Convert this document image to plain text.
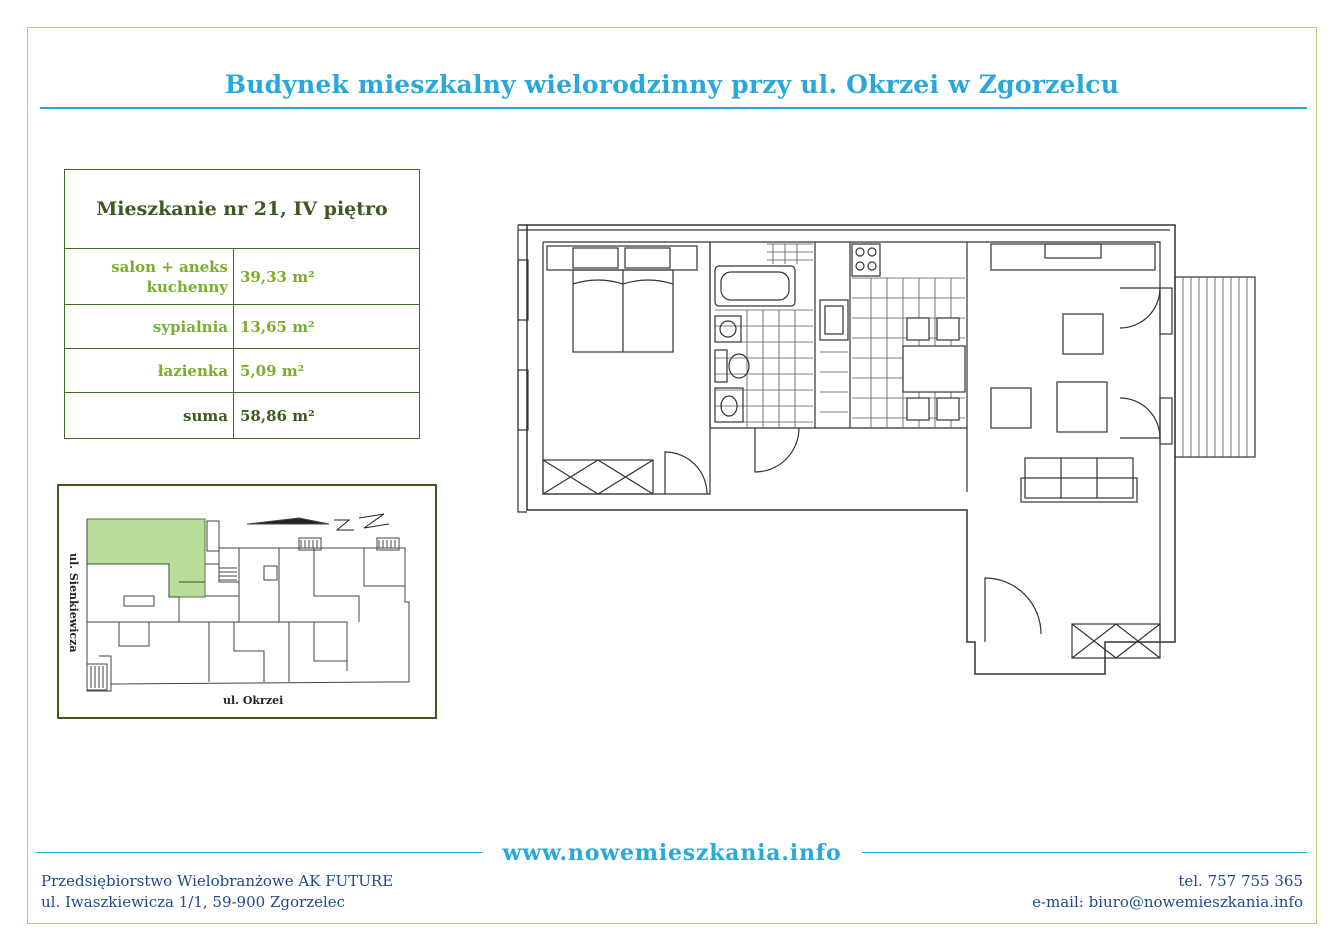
Budynek mieszkalny wielorodzinny przy ul. Okrzei w Zgorzelcu
Mieszkanie nr 21, IV piętro	
salon + aneks kuchenny	39,33 m²
sypialnia	13,65 m²
łazienka	5,09 m²
suma	58,86 m²
ul. Sienkiewicza
ul. Okrzei
www.nowemieszkania.info
Przedsiębiorstwo Wielobranżowe AK FUTURE
ul. Iwaszkiewicza 1/1, 59-900 Zgorzelec
tel. 757 755 365
e-mail: biuro@nowemieszkania.info
